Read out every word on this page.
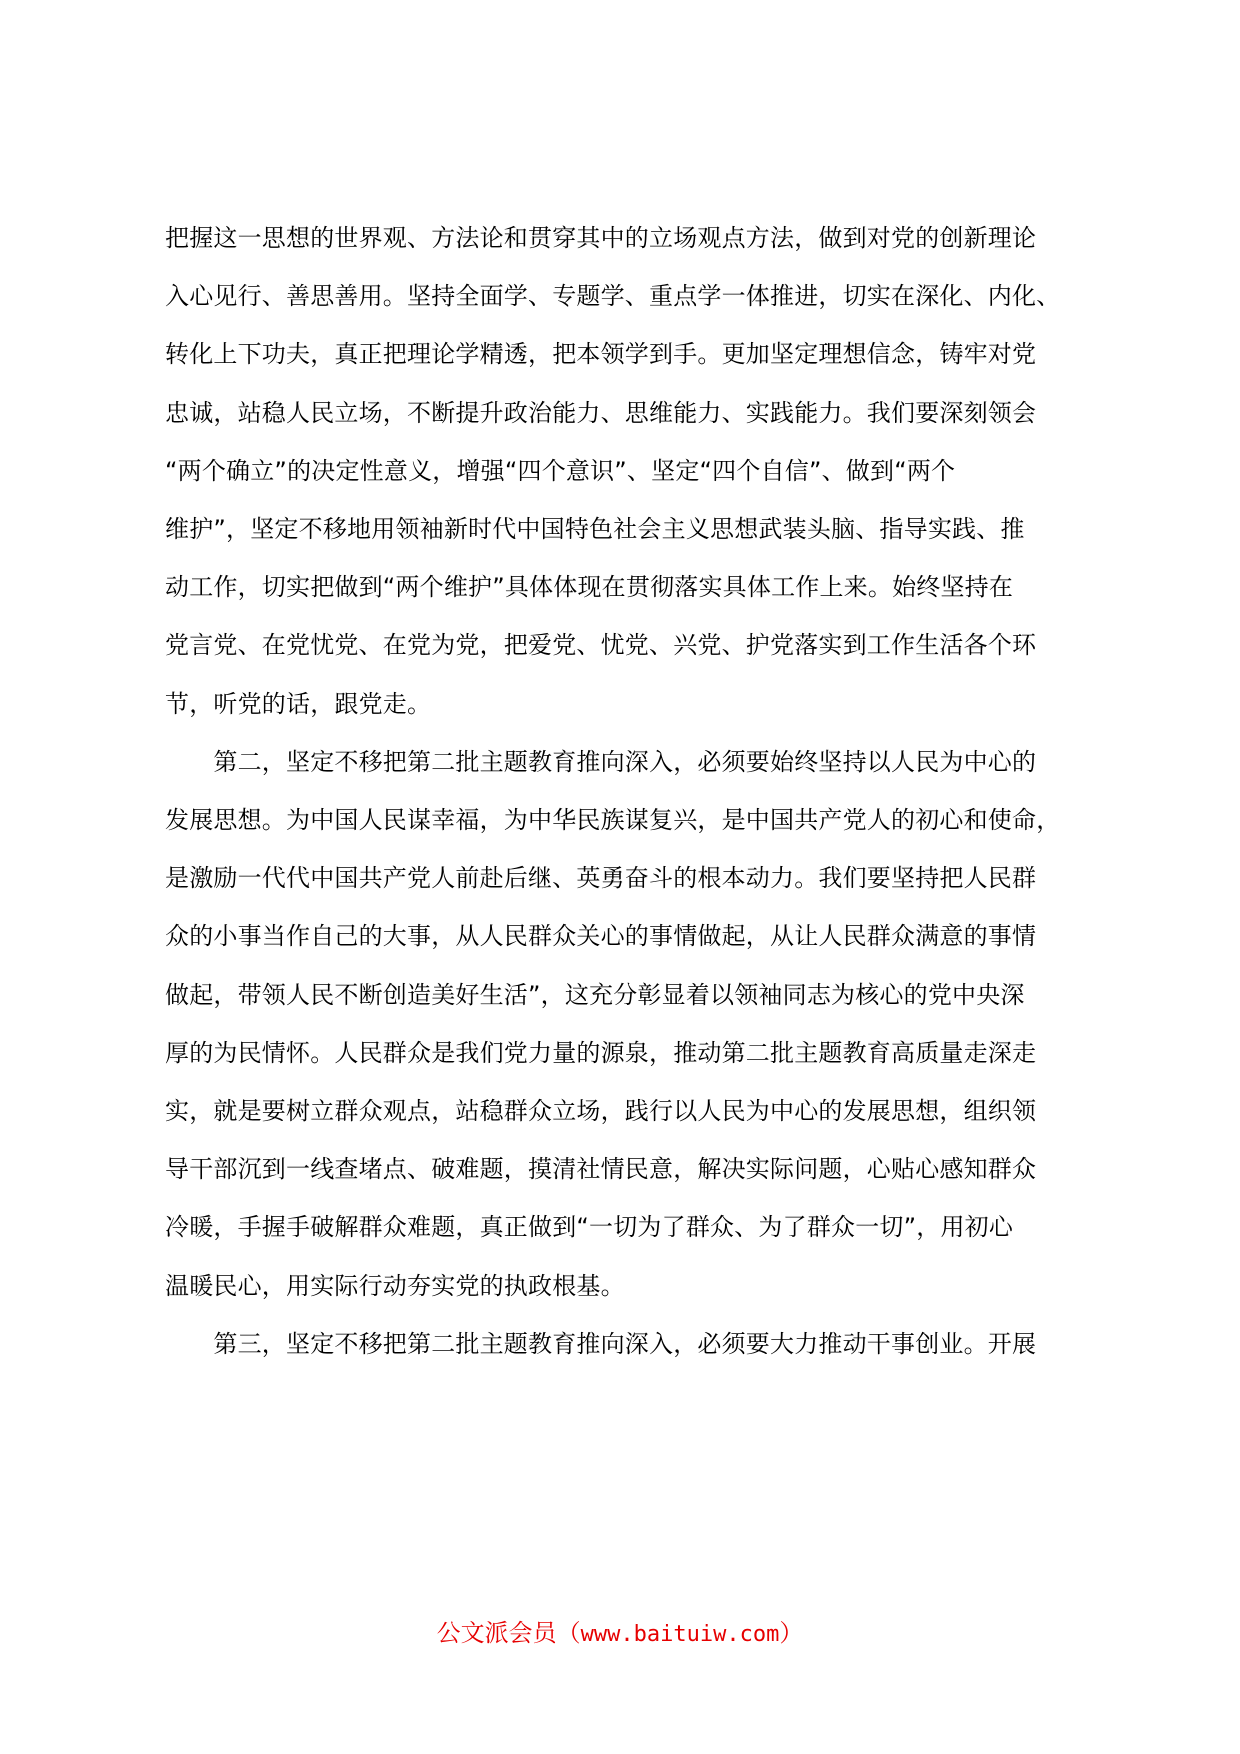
把握这一思想的世界观、方法论和贯穿其中的立场观点方法，做到对党的创新理论
入心见行、善思善用。坚持全面学、专题学、重点学一体推进，切实在深化、内化、
转化上下功夫，真正把理论学精透，把本领学到手。更加坚定理想信念，铸牢对党
忠诚，站稳人民立场，不断提升政治能力、思维能力、实践能力。我们要深刻领会
“两个确立”的决定性意义，增强“四个意识”、坚定“四个自信”、做到“两个
维护”，坚定不移地用领袖新时代中国特色社会主义思想武装头脑、指导实践、推
动工作，切实把做到“两个维护”具体体现在贯彻落实具体工作上来。始终坚持在
党言党、在党忧党、在党为党，把爱党、忧党、兴党、护党落实到工作生活各个环
节，听党的话，跟党走。
　　第二，坚定不移把第二批主题教育推向深入，必须要始终坚持以人民为中心的
发展思想。为中国人民谋幸福，为中华民族谋复兴，是中国共产党人的初心和使命，
是激励一代代中国共产党人前赴后继、英勇奋斗的根本动力。我们要坚持把人民群
众的小事当作自己的大事，从人民群众关心的事情做起，从让人民群众满意的事情
做起，带领人民不断创造美好生活”，这充分彰显着以领袖同志为核心的党中央深
厚的为民情怀。人民群众是我们党力量的源泉，推动第二批主题教育高质量走深走
实，就是要树立群众观点，站稳群众立场，践行以人民为中心的发展思想，组织领
导干部沉到一线查堵点、破难题，摸清社情民意，解决实际问题，心贴心感知群众
冷暖，手握手破解群众难题，真正做到“一切为了群众、为了群众一切”，用初心
温暖民心，用实际行动夯实党的执政根基。
　　第三，坚定不移把第二批主题教育推向深入，必须要大力推动干事创业。开展
公文派会员（www.baituiw.com）
